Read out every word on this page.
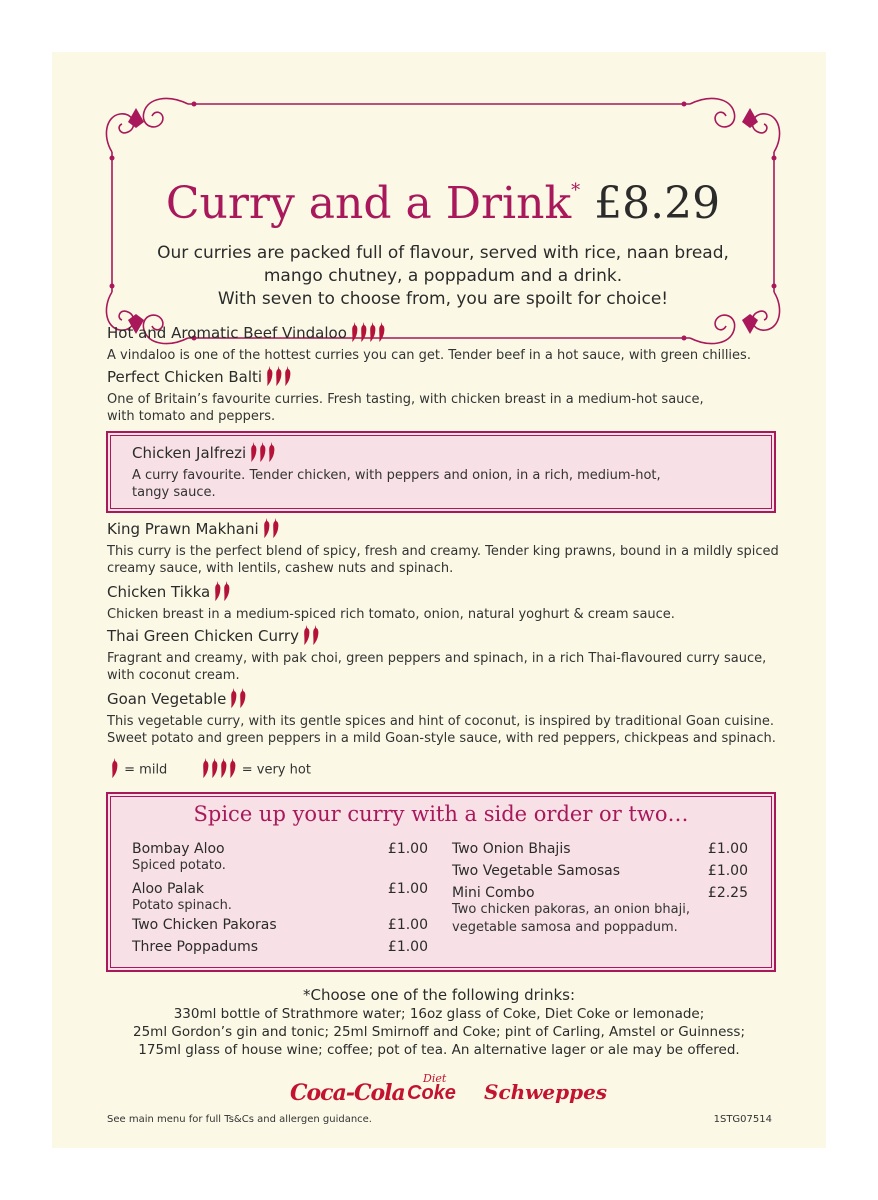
Curry and a Drink* £8.29
Our curries are packed full of flavour, served with rice, naan bread,
mango chutney, a poppadum and a drink.
With seven to choose from, you are spoilt for choice!
Hot and Aromatic Beef Vindaloo
A vindaloo is one of the hottest curries you can get. Tender beef in a hot sauce, with green chillies.
Perfect Chicken Balti
One of Britain’s favourite curries. Fresh tasting, with chicken breast in a medium-hot sauce,
with tomato and peppers.
Chicken Jalfrezi
A curry favourite. Tender chicken, with peppers and onion, in a rich, medium-hot,
tangy sauce.
King Prawn Makhani
This curry is the perfect blend of spicy, fresh and creamy. Tender king prawns, bound in a mildly spiced
creamy sauce, with lentils, cashew nuts and spinach.
Chicken Tikka
Chicken breast in a medium-spiced rich tomato, onion, natural yoghurt & cream sauce.
Thai Green Chicken Curry
Fragrant and creamy, with pak choi, green peppers and spinach, in a rich Thai-flavoured curry sauce,
with coconut cream.
Goan Vegetable
This vegetable curry, with its gentle spices and hint of coconut, is inspired by traditional Goan cuisine.
Sweet potato and green peppers in a mild Goan-style sauce, with red peppers, chickpeas and spinach.
= mild	= very hot
Spice up your curry with a side order or two…
Bombay Aloo	£1.00
Spiced potato.
Aloo Palak	£1.00
Potato spinach.
Two Chicken Pakoras	£1.00
Three Poppadums	£1.00
Two Onion Bhajis	£1.00
Two Vegetable Samosas	£1.00
Mini Combo	£2.25
Two chicken pakoras, an onion bhaji,
vegetable samosa and poppadum.
*Choose one of the following drinks:
330ml bottle of Strathmore water; 16oz glass of Coke, Diet Coke or lemonade;
25ml Gordon’s gin and tonic; 25ml Smirnoff and Coke; pint of Carling, Amstel or Guinness;
175ml glass of house wine; coffee; pot of tea. An alternative lager or ale may be offered.
Coca-Cola
Diet
Coke Schweppes
See main menu for full Ts&Cs and allergen guidance.	1STG07514
